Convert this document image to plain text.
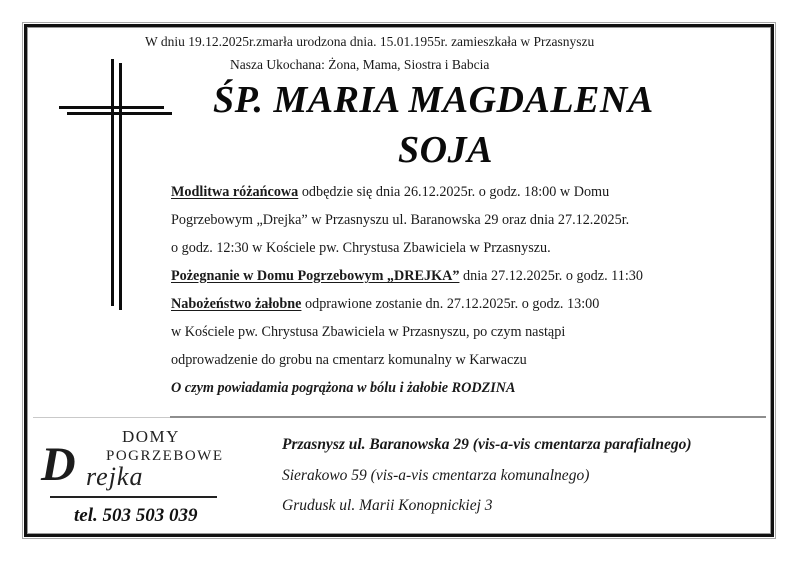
W dniu 19.12.2025r.zmarła urodzona dnia. 15.01.1955r. zamieszkała w Przasnyszu
Nasza Ukochana: Żona, Mama, Siostra i Babcia
ŚP. MARIA MAGDALENA
SOJA
Modlitwa różańcowa odbędzie się dnia 26.12.2025r. o godz. 18:00 w Domu
Pogrzebowym „Drejka” w Przasnyszu ul. Baranowska 29 oraz dnia 27.12.2025r.
o godz. 12:30 w Kościele pw. Chrystusa Zbawiciela w Przasnyszu.
Pożegnanie w Domu Pogrzebowym „DREJKA” dnia 27.12.2025r. o godz. 11:30
Nabożeństwo żałobne odprawione zostanie dn. 27.12.2025r. o godz. 13:00
w Kościele pw. Chrystusa Zbawiciela w Przasnyszu, po czym nastąpi
odprowadzenie do grobu na cmentarz komunalny w Karwaczu
O czym powiadamia pogrążona w bólu i żałobie RODZINA
DOMY
POGRZEBOWE
D rejka
tel. 503 503 039
Przasnysz ul. Baranowska 29 (vis-a-vis cmentarza parafialnego)
Sierakowo 59 (vis-a-vis cmentarza komunalnego)
Grudusk ul. Marii Konopnickiej 3
